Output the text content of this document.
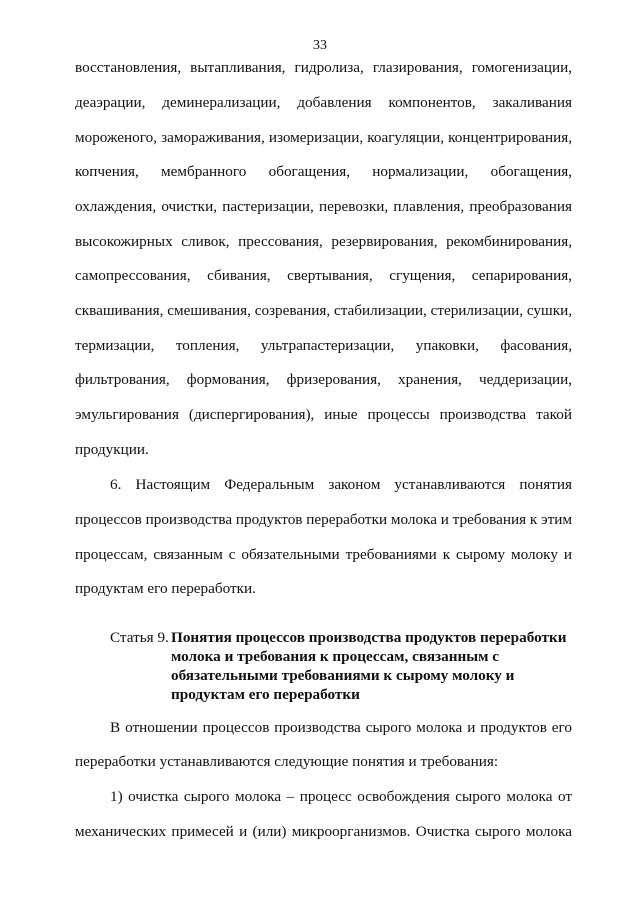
33
восстановления, вытапливания, гидролиза, глазирования, гомогенизации,
деаэрации, деминерализации, добавления компонентов, закаливания
мороженого, замораживания, изомеризации, коагуляции, концентрирования,
копчения, мембранного обогащения, нормализации, обогащения,
охлаждения, очистки, пастеризации, перевозки, плавления, преобразования
высокожирных сливок, прессования, резервирования, рекомбинирования,
самопрессования, сбивания, свертывания, сгущения, сепарирования,
сквашивания, смешивания, созревания, стабилизации, стерилизации, сушки,
термизации, топления, ультрапастеризации, упаковки, фасования,
фильтрования, формования, фризерования, хранения, чеддеризации,
эмульгирования (диспергирования), иные процессы производства такой
продукции.
6. Настоящим Федеральным законом устанавливаются понятия
процессов производства продуктов переработки молока и требования к этим
процессам, связанным с обязательными требованиями к сырому молоку и
продуктам его переработки.
Статья 9. Понятия процессов производства продуктов переработки
молока и требования к процессам, связанным с
обязательными требованиями к сырому молоку и
продуктам его переработки
В отношении процессов производства сырого молока и продуктов его
переработки устанавливаются следующие понятия и требования:
1) очистка сырого молока – процесс освобождения сырого молока от
механических примесей и (или) микроорганизмов. Очистка сырого молока
